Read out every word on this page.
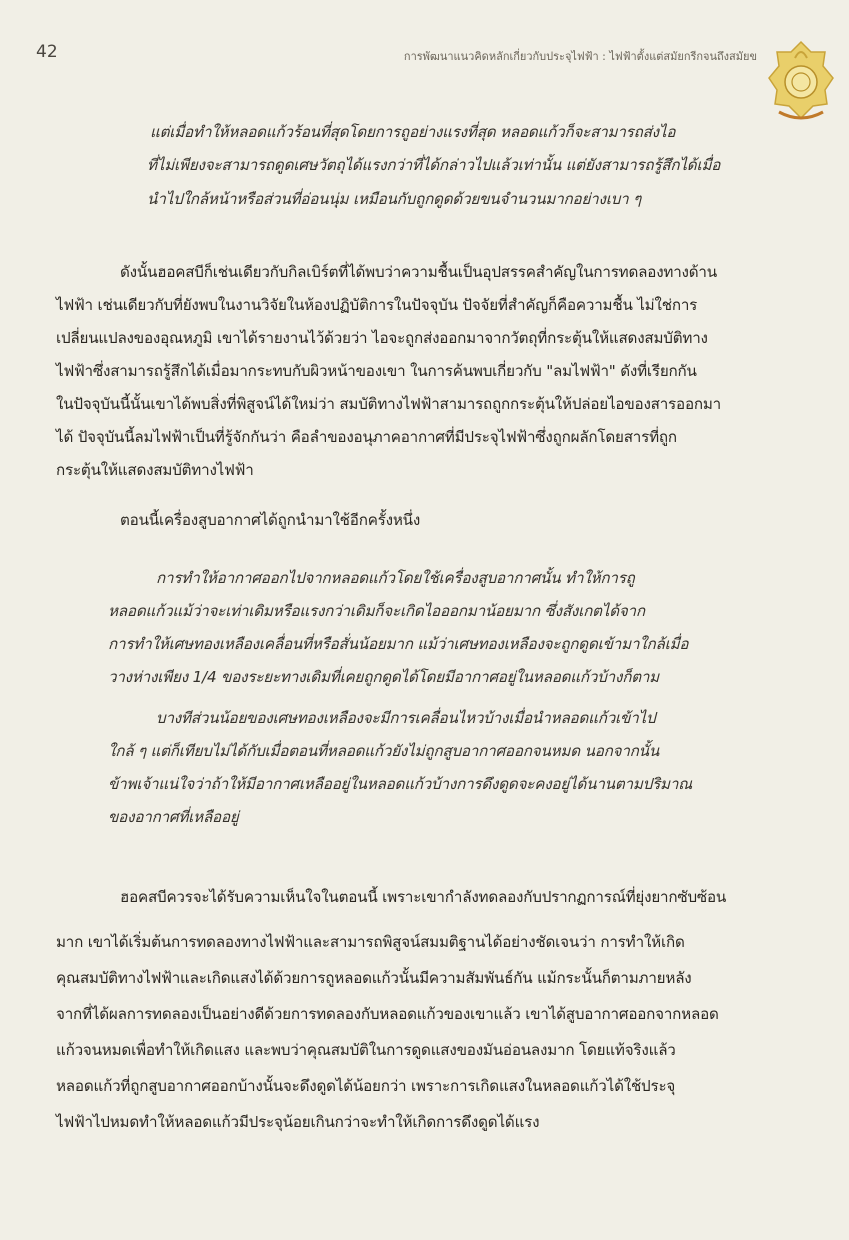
42	การพัฒนาแนวคิดหลักเกี่ยวกับประจุไฟฟ้า : ไฟฟ้าตั้งแต่สมัยกรีกจนถึงสมัยข
แต่เมื่อทำให้หลอดแก้วร้อนที่สุดโดยการถูอย่างแรงที่สุด หลอดแก้วก็จะสามารถส่งไอ
ที่ไม่เพียงจะสามารถดูดเศษวัตถุได้แรงกว่าที่ได้กล่าวไปแล้วเท่านั้น แต่ยังสามารถรู้สึกได้เมื่อ
นำไปใกล้หน้าหรือส่วนที่อ่อนนุ่ม เหมือนกับถูกดูดด้วยขนจำนวนมากอย่างเบา ๆ
ดังนั้นฮอคสบีก็เช่นเดียวกับกิลเบิร์ตที่ได้พบว่าความชื้นเป็นอุปสรรคสำคัญในการทดลองทางด้าน
ไฟฟ้า เช่นเดียวกับที่ยังพบในงานวิจัยในห้องปฏิบัติการในปัจจุบัน ปัจจัยที่สำคัญก็คือความชื้น ไม่ใช่การ
เปลี่ยนแปลงของอุณหภูมิ เขาได้รายงานไว้ด้วยว่า ไอจะถูกส่งออกมาจากวัตถุที่กระตุ้นให้แสดงสมบัติทาง
ไฟฟ้าซึ่งสามารถรู้สึกได้เมื่อมากระทบกับผิวหน้าของเขา ในการค้นพบเกี่ยวกับ "ลมไฟฟ้า" ดังที่เรียกกัน
ในปัจจุบันนี้นั้นเขาได้พบสิ่งที่พิสูจน์ได้ใหม่ว่า สมบัติทางไฟฟ้าสามารถถูกกระตุ้นให้ปล่อยไอของสารออกมา
ได้ ปัจจุบันนี้ลมไฟฟ้าเป็นที่รู้จักกันว่า คือลำของอนุภาคอากาศที่มีประจุไฟฟ้าซึ่งถูกผลักโดยสารที่ถูก
กระตุ้นให้แสดงสมบัติทางไฟฟ้า
ตอนนี้เครื่องสูบอากาศได้ถูกนำมาใช้อีกครั้งหนึ่ง
การทำให้อากาศออกไปจากหลอดแก้วโดยใช้เครื่องสูบอากาศนั้น ทำให้การถู
หลอดแก้วแม้ว่าจะเท่าเดิมหรือแรงกว่าเดิมก็จะเกิดไอออกมาน้อยมาก ซึ่งสังเกตได้จาก
การทำให้เศษทองเหลืองเคลื่อนที่หรือสั่นน้อยมาก แม้ว่าเศษทองเหลืองจะถูกดูดเข้ามาใกล้เมื่อ
วางห่างเพียง 1/4 ของระยะทางเดิมที่เคยถูกดูดได้โดยมีอากาศอยู่ในหลอดแก้วบ้างก็ตาม
บางทีส่วนน้อยของเศษทองเหลืองจะมีการเคลื่อนไหวบ้างเมื่อนำหลอดแก้วเข้าไป
ใกล้ ๆ แต่ก็เทียบไม่ได้กับเมื่อตอนที่หลอดแก้วยังไม่ถูกสูบอากาศออกจนหมด นอกจากนั้น
ข้าพเจ้าแน่ใจว่าถ้าให้มีอากาศเหลืออยู่ในหลอดแก้วบ้างการดึงดูดจะคงอยู่ได้นานตามปริมาณ
ของอากาศที่เหลืออยู่
ฮอคสบีควรจะได้รับความเห็นใจในตอนนี้ เพราะเขากำลังทดลองกับปรากฏการณ์ที่ยุ่งยากซับซ้อน
มาก เขาได้เริ่มต้นการทดลองทางไฟฟ้าและสามารถพิสูจน์สมมติฐานได้อย่างชัดเจนว่า การทำให้เกิด
คุณสมบัติทางไฟฟ้าและเกิดแสงได้ด้วยการถูหลอดแก้วนั้นมีความสัมพันธ์กัน แม้กระนั้นก็ตามภายหลัง
จากที่ได้ผลการทดลองเป็นอย่างดีด้วยการทดลองกับหลอดแก้วของเขาแล้ว เขาได้สูบอากาศออกจากหลอด
แก้วจนหมดเพื่อทำให้เกิดแสง และพบว่าคุณสมบัติในการดูดแสงของมันอ่อนลงมาก โดยแท้จริงแล้ว
หลอดแก้วที่ถูกสูบอากาศออกบ้างนั้นจะดึงดูดได้น้อยกว่า เพราะการเกิดแสงในหลอดแก้วได้ใช้ประจุ
ไฟฟ้าไปหมดทำให้หลอดแก้วมีประจุน้อยเกินกว่าจะทำให้เกิดการดึงดูดได้แรง
